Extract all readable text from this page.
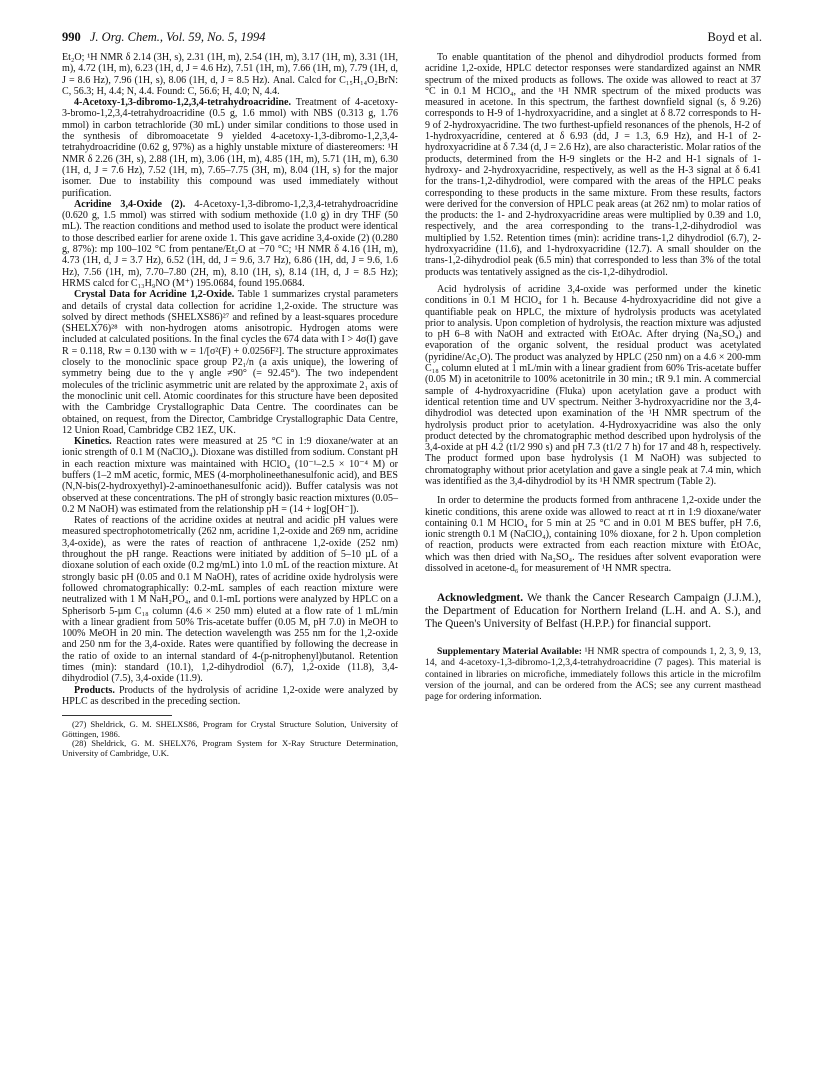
990 J. Org. Chem., Vol. 59, No. 5, 1994	Boyd et al.

Et₂O; ¹H NMR δ 2.14 (3H, s), 2.31 (1H, m), 2.54 (1H, m), 3.17 (1H, m), 3.31 (1H, m), 4.72 (1H, m), 6.23 (1H, d, J = 4.6 Hz), 7.51 (1H, m), 7.66 (1H, m), 7.79 (1H, d, J = 8.6 Hz), 7.96 (1H, s), 8.06 (1H, d, J = 8.5 Hz). Anal. Calcd for C₁₅H₁₄O₂BrN: C, 56.3; H, 4.4; N, 4.4. Found: C, 56.6; H, 4.0; N, 4.4.

4-Acetoxy-1,3-dibromo-1,2,3,4-tetrahydroacridine. Treatment of 4-acetoxy-3-bromo-1,2,3,4-tetrahydroacridine (0.5 g, 1.6 mmol) with NBS (0.313 g, 1.76 mmol) in carbon tetrachloride (30 mL) under similar conditions to those used in the synthesis of dibromoacetate 9 yielded 4-acetoxy-1,3-dibromo-1,2,3,4-tetrahydroacridine (0.62 g, 97%) as a highly unstable mixture of diastereomers: ¹H NMR δ 2.26 (3H, s), 2.88 (1H, m), 3.06 (1H, m), 4.85 (1H, m), 5.71 (1H, m), 6.30 (1H, d, J = 7.6 Hz), 7.52 (1H, m), 7.65–7.75 (3H, m), 8.04 (1H, s) for the major isomer. Due to instability this compound was used immediately without purification.

Acridine 3,4-Oxide (2). 4-Acetoxy-1,3-dibromo-1,2,3,4-tetrahydroacridine (0.620 g, 1.5 mmol) was stirred with sodium methoxide (1.0 g) in dry THF (50 mL). The reaction conditions and method used to isolate the product were identical to those described earlier for arene oxide 1. This gave acridine 3,4-oxide (2) (0.280 g, 87%): mp 100–102 °C from pentane/Et₂O at −70 °C; ¹H NMR δ 4.16 (1H, m), 4.73 (1H, d, J = 3.7 Hz), 6.52 (1H, dd, J = 9.6, 3.7 Hz), 6.86 (1H, dd, J = 9.6, 1.6 Hz), 7.56 (1H, m), 7.70–7.80 (2H, m), 8.10 (1H, s), 8.14 (1H, d, J = 8.5 Hz); HRMS calcd for C₁₃H₉NO (M⁺) 195.0684, found 195.0684.

Crystal Data for Acridine 1,2-Oxide. Table 1 summarizes crystal parameters and details of crystal data collection for acridine 1,2-oxide. The structure was solved by direct methods (SHELXS86)²⁷ and refined by a least-squares procedure (SHELX76)²⁸ with non-hydrogen atoms anisotropic. Hydrogen atoms were included at calculated positions. In the final cycles the 674 data with I > 4σ(I) gave R = 0.118, Rw = 0.130 with w = 1/[σ²(F) + 0.0256F²]. The structure approximates closely to the monoclinic space group P2₁/n (a axis unique), the lowering of symmetry being due to the γ angle ≠90° (= 92.45°). The two independent molecules of the triclinic asymmetric unit are related by the approximate 2₁ axis of the monoclinic unit cell. Atomic coordinates for this structure have been deposited with the Cambridge Crystallographic Data Centre. The coordinates can be obtained, on request, from the Director, Cambridge Crystallographic Data Centre, 12 Union Road, Cambridge CB2 1EZ, UK.

Kinetics. Reaction rates were measured at 25 °C in 1:9 dioxane/water at an ionic strength of 0.1 M (NaClO₄). Dioxane was distilled from sodium. Constant pH in each reaction mixture was maintained with HClO₄ (10⁻¹–2.5 × 10⁻⁴ M) or buffers (1–2 mM acetic, formic, MES (4-morpholineethanesulfonic acid), and BES (N,N-bis(2-hydroxyethyl)-2-aminoethanesulfonic acid)). Buffer catalysis was not observed at these concentrations. The pH of strongly basic reaction mixtures (0.05–0.2 M NaOH) was estimated from the relationship pH = (14 + log[OH⁻]).

Rates of reactions of the acridine oxides at neutral and acidic pH values were measured spectrophotometrically (262 nm, acridine 1,2-oxide and 269 nm, acridine 3,4-oxide), as were the rates of reaction of anthracene 1,2-oxide (252 nm) throughout the pH range. Reactions were initiated by addition of 5–10 µL of a dioxane solution of each oxide (0.2 mg/mL) into 1.0 mL of the reaction mixture. At strongly basic pH (0.05 and 0.1 M NaOH), rates of acridine oxide hydrolysis were followed chromatographically: 0.2-mL samples of each reaction mixture were neutralized with 1 M NaH₂PO₄, and 0.1-mL portions were analyzed by HPLC on a Spherisorb 5-µm C₁₈ column (4.6 × 250 mm) eluted at a flow rate of 1 mL/min with a linear gradient from 50% Tris-acetate buffer (0.05 M, pH 7.0) in MeOH to 100% MeOH in 20 min. The detection wavelength was 255 nm for the 1,2-oxide and 250 nm for the 3,4-oxide. Rates were quantified by following the decrease in the ratio of oxide to an internal standard of 4-(p-nitrophenyl)butanol. Retention times (min): standard (10.1), 1,2-dihydrodiol (6.7), 1,2-oxide (11.8), 3,4-dihydrodiol (7.5), 3,4-oxide (11.9).

Products. Products of the hydrolysis of acridine 1,2-oxide were analyzed by HPLC as described in the preceding section.

(27) Sheldrick, G. M. SHELXS86, Program for Crystal Structure Solution, University of Göttingen, 1986.

(28) Sheldrick, G. M. SHELX76, Program System for X-Ray Structure Determination, University of Cambridge, U.K.

To enable quantitation of the phenol and dihydrodiol products formed from acridine 1,2-oxide, HPLC detector responses were standardized against an NMR spectrum of the mixed products as follows. The oxide was allowed to react at 37 °C in 0.1 M HClO₄, and the ¹H NMR spectrum of the mixed products was measured in acetone. In this spectrum, the farthest downfield signal (s, δ 9.26) corresponds to H-9 of 1-hydroxyacridine, and a singlet at δ 8.72 corresponds to H-9 of 2-hydroxyacridine. The two furthest-upfield resonances of the phenols, H-2 of 1-hydroxyacridine, centered at δ 6.93 (dd, J = 1.3, 6.9 Hz), and H-1 of 2-hydroxyacridine at δ 7.34 (d, J = 2.6 Hz), are also characteristic. Molar ratios of the products, determined from the H-9 singlets or the H-2 and H-1 signals of 1-hydroxy- and 2-hydroxyacridine, respectively, as well as the H-3 signal at δ 6.41 for the trans-1,2-dihydrodiol, were compared with the areas of the HPLC peaks corresponding to these products in the same mixture. From these results, factors were derived for the conversion of HPLC peak areas (at 262 nm) to molar ratios of the products: the 1- and 2-hydroxyacridine areas were multiplied by 0.39 and 1.0, respectively, and the area corresponding to the trans-1,2-dihydrodiol was multiplied by 1.52. Retention times (min): acridine trans-1,2 dihydrodiol (6.7), 2-hydroxyacridine (11.6), and 1-hydroxyacridine (12.7). A small shoulder on the trans-1,2-dihydrodiol peak (6.5 min) that corresponded to less than 3% of the total products was tentatively assigned as the cis-1,2-dihydrodiol.

Acid hydrolysis of acridine 3,4-oxide was performed under the kinetic conditions in 0.1 M HClO₄ for 1 h. Because 4-hydroxyacridine did not give a quantifiable peak on HPLC, the mixture of hydrolysis products was acetylated prior to analysis. Upon completion of hydrolysis, the reaction mixture was adjusted to pH 6–8 with NaOH and extracted with EtOAc. After drying (Na₂SO₄) and evaporation of the organic solvent, the residual product was acetylated (pyridine/Ac₂O). The product was analyzed by HPLC (250 nm) on a 4.6 × 200-mm C₁₈ column eluted at 1 mL/min with a linear gradient from 60% Tris-acetate buffer (0.05 M) in acetonitrile to 100% acetonitrile in 30 min.; tR 9.1 min. A commercial sample of 4-hydroxyacridine (Fluka) upon acetylation gave a product with identical retention time and UV spectrum. Neither 3-hydroxyacridine nor the 3,4-dihydrodiol was detected upon examination of the ¹H NMR spectrum of the hydrolysis product prior to acetylation. 4-Hydroxyacridine was also the only product detected by the chromatographic method described upon hydrolysis of the 3,4-oxide at pH 4.2 (t1/2 990 s) and pH 7.3 (t1/2 7 h) for 17 and 48 h, respectively. The product formed upon base hydrolysis (1 M NaOH) was subjected to chromatography without prior acetylation and gave a single peak at 7.4 min, which was identified as the 3,4-dihydrodiol by its ¹H NMR spectrum (Table 2).

In order to determine the products formed from anthracene 1,2-oxide under the kinetic conditions, this arene oxide was allowed to react at rt in 1:9 dioxane/water containing 0.1 M HClO₄ for 5 min at 25 °C and in 0.01 M BES buffer, pH 7.6, ionic strength 0.1 M (NaClO₄), containing 10% dioxane, for 2 h. Upon completion of reaction, products were extracted from each reaction mixture with EtOAc, which was then dried with Na₂SO₄. The residues after solvent evaporation were dissolved in acetone-d₆ for measurement of ¹H NMR spectra.

Acknowledgment. We thank the Cancer Research Campaign (J.J.M.), the Department of Education for Northern Ireland (L.H. and A. S.), and The Queen's University of Belfast (H.P.P.) for financial support.

Supplementary Material Available: ¹H NMR spectra of compounds 1, 2, 3, 9, 13, 14, and 4-acetoxy-1,3-dibromo-1,2,3,4-tetrahydroacridine (7 pages). This material is contained in libraries on microfiche, immediately follows this article in the microfilm version of the journal, and can be ordered from the ACS; see any current masthead page for ordering information.
